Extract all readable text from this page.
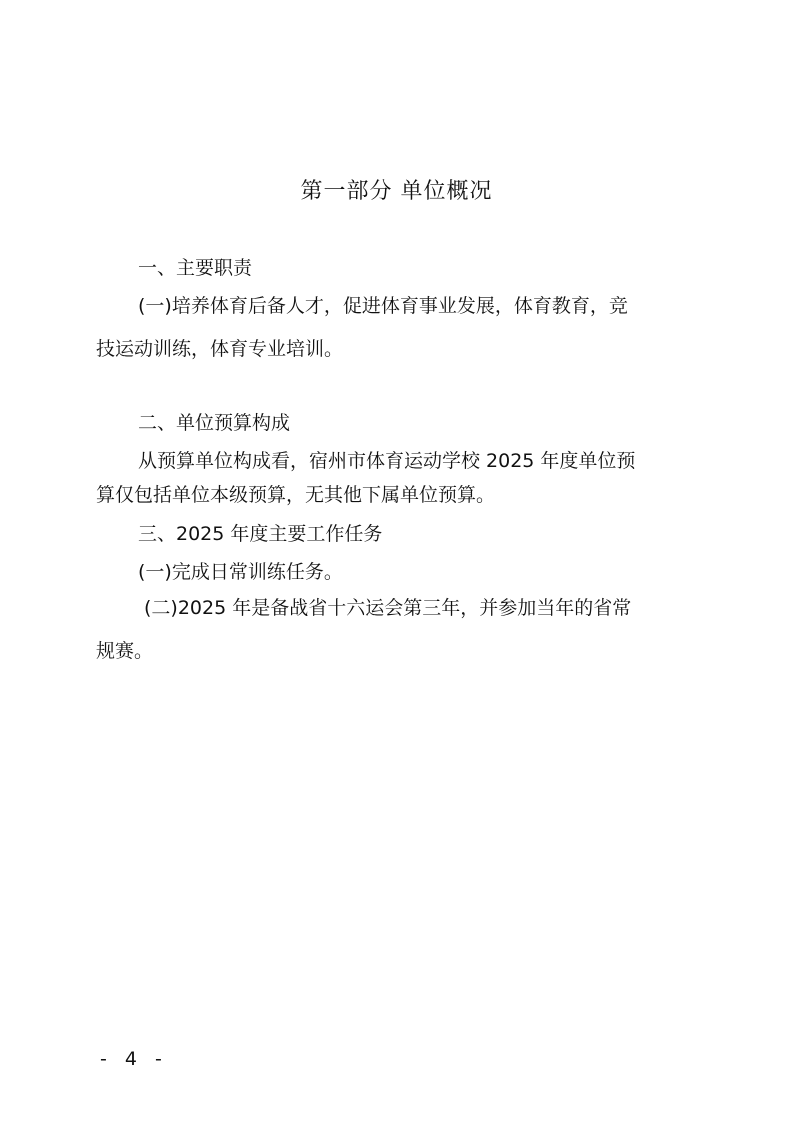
第一部分 单位概况
一、主要职责
(一)培养体育后备人才，促进体育事业发展，体育教育，竞
技运动训练，体育专业培训。
二、单位预算构成
从预算单位构成看，宿州市体育运动学校 2025 年度单位预
算仅包括单位本级预算，无其他下属单位预算。
三、2025 年度主要工作任务
(一)完成日常训练任务。
(二)2025 年是备战省十六运会第三年，并参加当年的省常
规赛。
- 4 -
